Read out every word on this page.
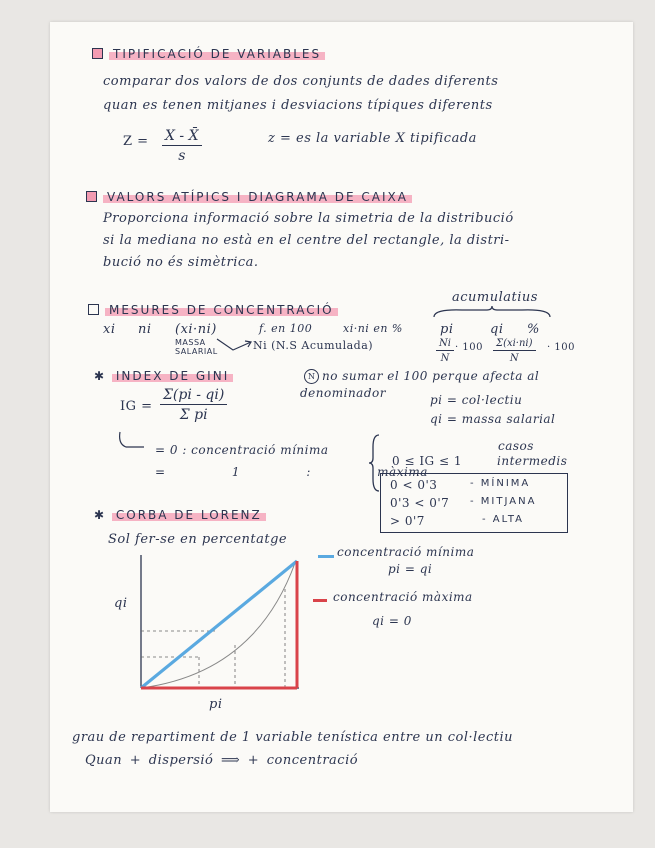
TIPIFICACIÓ DE VARIABLES
comparar dos valors de dos conjunts de dades diferents
quan es tenen mitjanes i desviacions típiques diferents
$Z = \frac{X - X̄}{s}$	z = es la variable X tipificada
VALORS ATÍPICS I DIAGRAMA DE CAIXA
Proporciona informació sobre la simetria de la distribució
si la mediana no està en el centre del rectangle, la distri-
bució no és simètrica.
acumulatius
MESURES DE CONCENTRACIÓ
xi ni (xi·ni)	f. en 100	xi·ni en %	pi	qi %
MASSA SALARIAL	Ni (N.S Acumulada)	$\frac{Ni}{N} \cdot 100 \frac{\Sigma(xi\cdot ni)}{N} \cdot 100$
✱ INDEX DE GINI	N no sumar el 100 perque afecta al
denominador	pi = col·lectiu
qi = massa salarial
IG = $\frac{\Sigma(pi - qi)}{\text{Σ pi}}$
= 0 : concentració mínima
= 1 : màxima
casos
0 ≤ IG ≤ 1	intermedis
0 < 0'3	- MÍNIMA
0'3 < 0'7 - MITJANA
> 0'7	- ALTA
✱ CORBA DE LORENZ
Sol fer-se en percentatge
concentració mínima
pi = qi
concentració màxima
qi = 0
qi
pi
grau de repartiment de 1 variable tenística entre un col·lectiu
Quan + dispersió ⟹ + concentració
